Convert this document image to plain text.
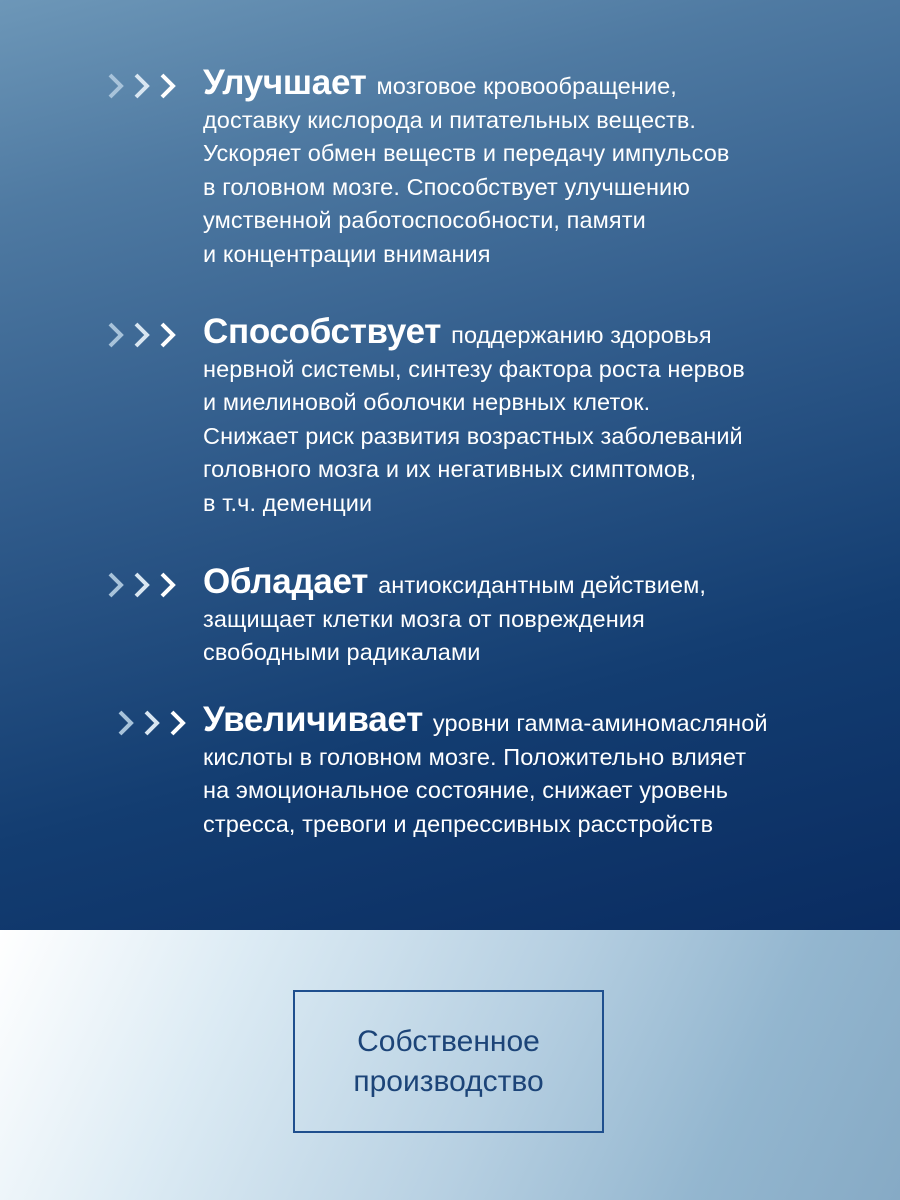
Улучшает мозговое кровообращение,
доставку кислорода и питательных веществ.
Ускоряет обмен веществ и передачу импульсов
в головном мозге. Способствует улучшению
умственной работоспособности, памяти
и концентрации внимания
Способствует поддержанию здоровья
нервной системы, синтезу фактора роста нервов
и миелиновой оболочки нервных клеток.
Снижает риск развития возрастных заболеваний
головного мозга и их негативных симптомов,
в т.ч. деменции
Обладает антиоксидантным действием,
защищает клетки мозга от повреждения
свободными радикалами
Увеличивает уровни гамма-аминомасляной
кислоты в головном мозге. Положительно влияет
на эмоциональное состояние, снижает уровень
стресса, тревоги и депрессивных расстройств
Собственное
производство
